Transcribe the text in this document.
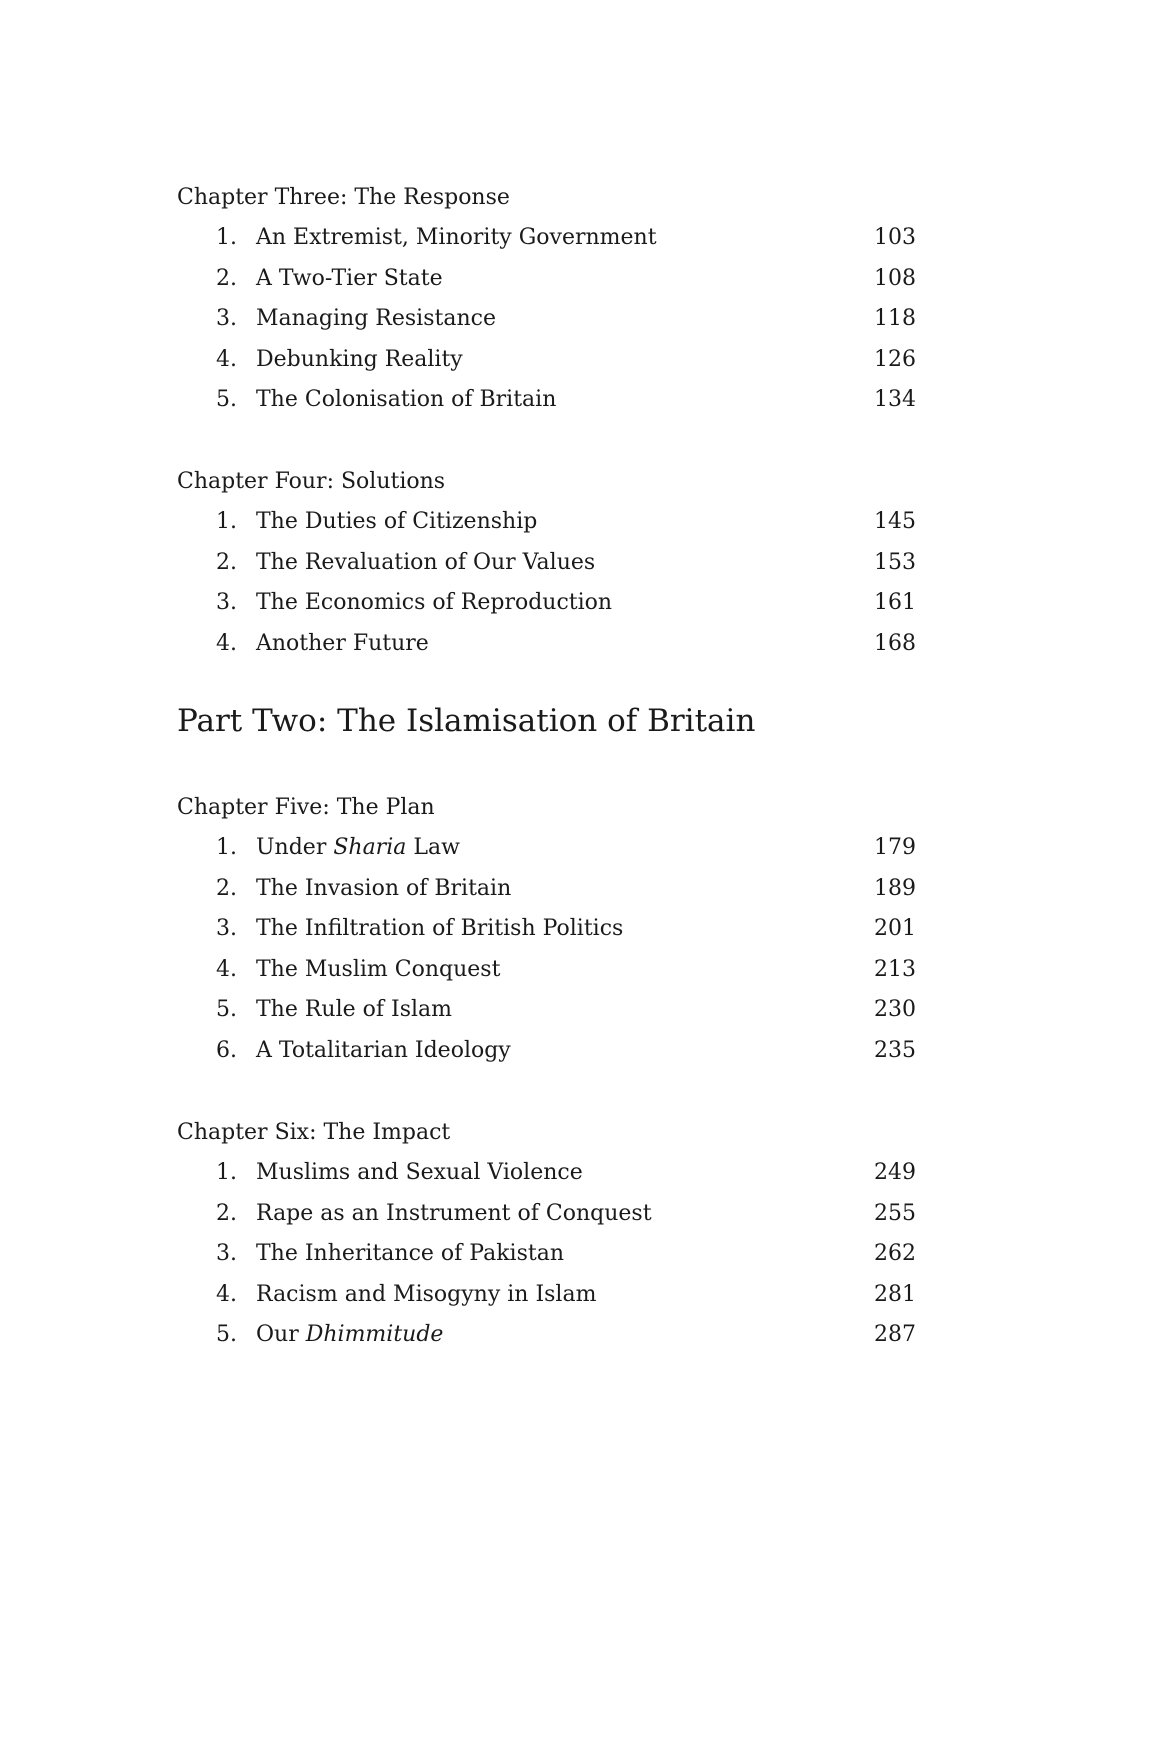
Chapter Three: The Response
1. An Extremist, Minority Government	103
2. A Two-Tier State	108
3. Managing Resistance	118
4. Debunking Reality	126
5. The Colonisation of Britain	134
Chapter Four: Solutions
1. The Duties of Citizenship	145
2. The Revaluation of Our Values	153
3. The Economics of Reproduction	161
4. Another Future	168
Part Two: The Islamisation of Britain
Chapter Five: The Plan
1. Under Sharia Law	179
2. The Invasion of Britain	189
3. The Infiltration of British Politics	201
4. The Muslim Conquest	213
5. The Rule of Islam	230
6. A Totalitarian Ideology	235
Chapter Six: The Impact
1. Muslims and Sexual Violence	249
2. Rape as an Instrument of Conquest	255
3. The Inheritance of Pakistan	262
4. Racism and Misogyny in Islam	281
5. Our Dhimmitude	287
